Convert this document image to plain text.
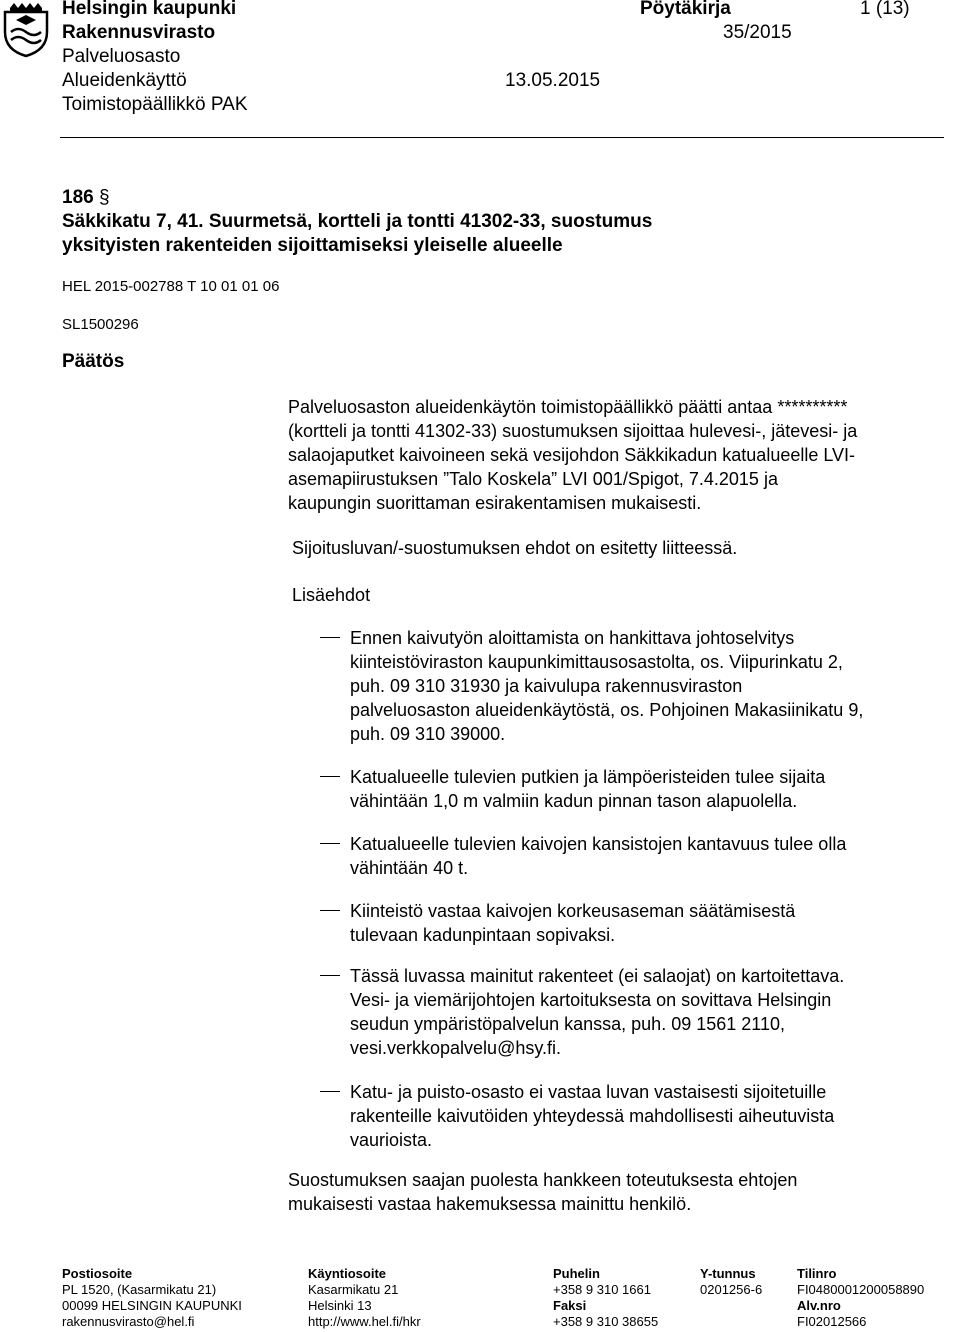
Helsingin kaupunki	Pöytäkirja	1 (13)
Rakennusvirasto	35/2015
Palveluosasto
Alueidenkäyttö	13.05.2015
Toimistopäällikkö PAK
186 §
Säkkikatu 7, 41. Suurmetsä, kortteli ja tontti 41302-33, suostumus
yksityisten rakenteiden sijoittamiseksi yleiselle alueelle
HEL 2015-002788 T 10 01 01 06
SL1500296
Päätös
Palveluosaston alueidenkäytön toimistopäällikkö päätti antaa **********
(kortteli ja tontti 41302-33) suostumuksen sijoittaa hulevesi-, jätevesi- ja
salaojaputket kaivoineen sekä vesijohdon Säkkikadun katualueelle LVI-
asemapiirustuksen ”Talo Koskela” LVI 001/Spigot, 7.4.2015 ja
kaupungin suorittaman esirakentamisen mukaisesti.
Sijoitusluvan/-suostumuksen ehdot on esitetty liitteessä.
Lisäehdot
Ennen kaivutyön aloittamista on hankittava johtoselvitys
kiinteistöviraston kaupunkimittausosastolta, os. Viipurinkatu 2,
puh. 09 310 31930 ja kaivulupa rakennusviraston
palveluosaston alueidenkäytöstä, os. Pohjoinen Makasiinikatu 9,
puh. 09 310 39000.
Katualueelle tulevien putkien ja lämpöeristeiden tulee sijaita
vähintään 1,0 m valmiin kadun pinnan tason alapuolella.
Katualueelle tulevien kaivojen kansistojen kantavuus tulee olla
vähintään 40 t.
Kiinteistö vastaa kaivojen korkeusaseman säätämisestä
tulevaan kadunpintaan sopivaksi.
Tässä luvassa mainitut rakenteet (ei salaojat) on kartoitettava.
Vesi- ja viemärijohtojen kartoituksesta on sovittava Helsingin
seudun ympäristöpalvelun kanssa, puh. 09 1561 2110,
vesi.verkkopalvelu@hsy.fi.
Katu- ja puisto-osasto ei vastaa luvan vastaisesti sijoitetuille
rakenteille kaivutöiden yhteydessä mahdollisesti aiheutuvista
vaurioista.
Suostumuksen saajan puolesta hankkeen toteutuksesta ehtojen
mukaisesti vastaa hakemuksessa mainittu henkilö.
Postiosoite
PL 1520, (Kasarmikatu 21)
00099 HELSINGIN KAUPUNKI
rakennusvirasto@hel.fi
Käyntiosoite
Kasarmikatu 21
Helsinki 13
http://www.hel.fi/hkr
Puhelin
+358 9 310 1661
Faksi
+358 9 310 38655
Y-tunnus
0201256-6
Tilinro
FI0480001200058890
Alv.nro
FI02012566
